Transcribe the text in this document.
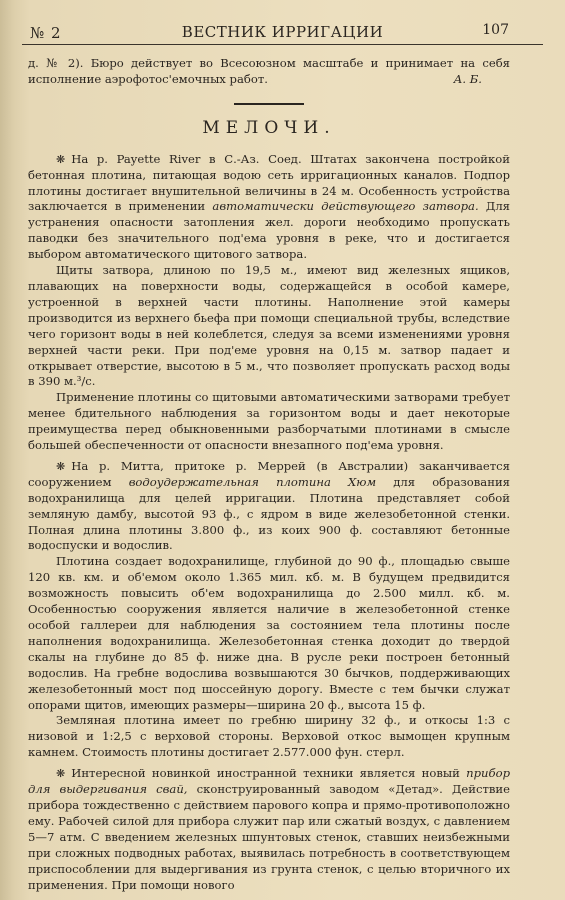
№ 2	ВЕСТНИК ИРРИГАЦИИ	107

д. № 2). Бюро действует во Всесоюзном масштабе и принимает на себя исполнение аэрофотос'емочных работ.	А. Б.

МЕЛОЧИ.

❋ На р. Payette River в С.-Аз. Соед. Штатах закончена постройкой бетонная плотина, питающая водою сеть ирригационных каналов. Подпор плотины достигает внушительной величины в 24 м. Особенность устройства заключается в применении автоматически действующего затвора. Для устранения опасности затопления жел. дороги необходимо пропускать паводки без значительного под'ема уровня в реке, что и достигается выбором автоматического щитового затвора.

Щиты затвора, длиною по 19,5 м., имеют вид железных ящиков, плавающих на поверхности воды, содержащейся в особой камере, устроенной в верхней части плотины. Наполнение этой камеры производится из верхнего бьефа при помощи специальной трубы, вследствие чего горизонт воды в ней колеблется, следуя за всеми изменениями уровня верхней части реки. При под'еме уровня на 0,15 м. затвор падает и открывает отверстие, высотою в 5 м., что позволяет пропускать расход воды в 390 м.³/с.

Применение плотины со щитовыми автоматическими затворами требует менее бдительного наблюдения за горизонтом воды и дает некоторые преимущества перед обыкновенными разборчатыми плотинами в смысле большей обеспеченности от опасности внезапного под'ема уровня.

❋ На р. Митта, притоке р. Меррей (в Австралии) заканчивается сооружением водоудержательная плотина Хюм для образования водохранилища для целей ирригации. Плотина представляет собой земляную дамбу, высотой 93 ф., с ядром в виде железобетонной стенки. Полная длина плотины 3.800 ф., из коих 900 ф. составляют бетонные водоспуски и водослив.

Плотина создает водохранилище, глубиной до 90 ф., площадью свыше 120 кв. км. и об'емом около 1.365 мил. кб. м. В будущем предвидится возможность повысить об'ем водохранилища до 2.500 милл. кб. м. Особенностью сооружения является наличие в железобетонной стенке особой галлереи для наблюдения за состоянием тела плотины после наполнения водохранилища. Железобетонная стенка доходит до твердой скалы на глубине до 85 ф. ниже дна. В русле реки построен бетонный водослив. На гребне водослива возвышаются 30 бычков, поддерживающих железобетонный мост под шоссейную дорогу. Вместе с тем бычки служат опорами щитов, имеющих размеры—ширина 20 ф., высота 15 ф.

Земляная плотина имеет по гребню ширину 32 ф., и откосы 1:3 с низовой и 1:2,5 с верховой стороны. Верховой откос вымощен крупным камнем. Стоимость плотины достигает 2.577.000 фун. стерл.

❋ Интересной новинкой иностранной техники является новый прибор для выдергивания свай, сконструированный заводом «Детад». Действие прибора тождественно с действием парового копра и прямо-противоположно ему. Рабочей силой для прибора служит пар или сжатый воздух, с давлением 5—7 атм. С введением железных шпунтовых стенок, ставших неизбежными при сложных подводных работах, выявилась потребность в соответствующем приспособлении для выдергивания из грунта стенок, с целью вторичного их применения. При помощи нового
